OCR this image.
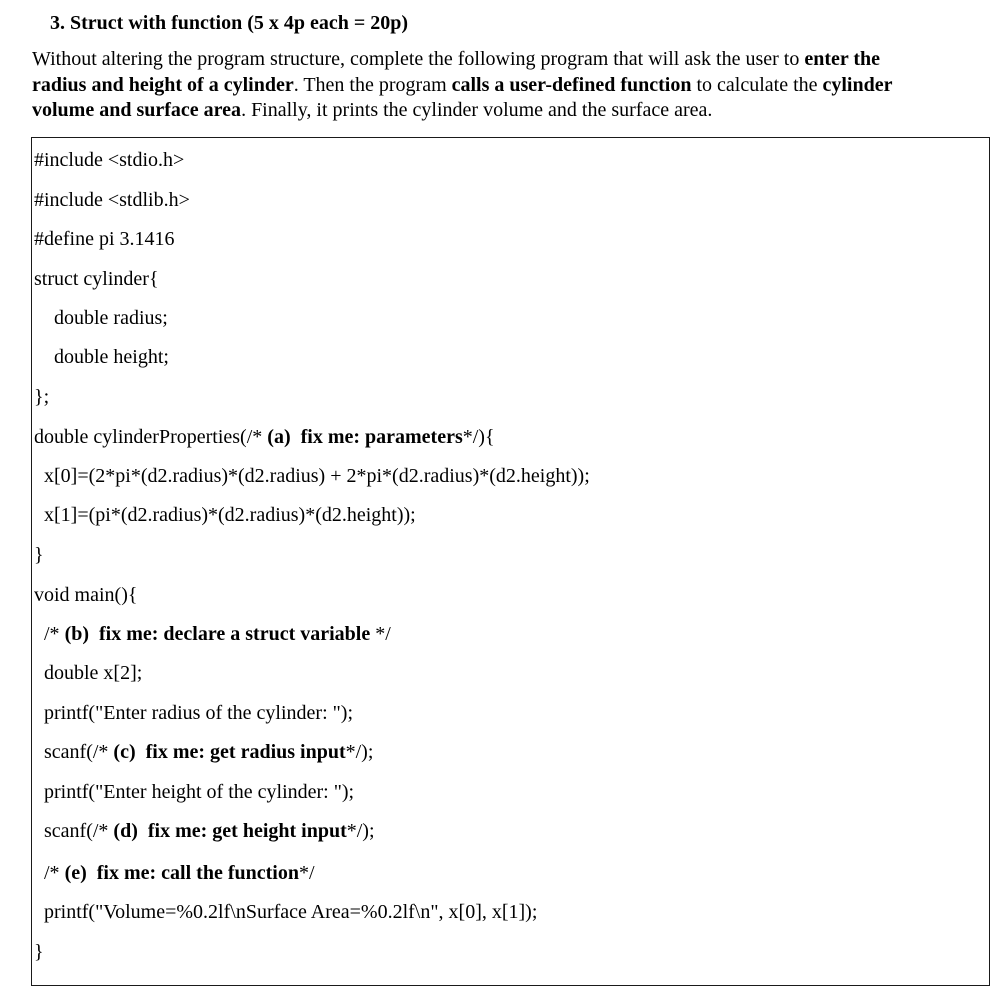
3. Struct with function (5 x 4p each = 20p)
Without altering the program structure, complete the following program that will ask the user to enter the
radius and height of a cylinder. Then the program calls a user-defined function to calculate the cylinder
volume and surface area. Finally, it prints the cylinder volume and the surface area.
#include <stdio.h>
#include <stdlib.h>
#define pi 3.1416
struct cylinder{
double radius;
double height;
};
double cylinderProperties(/* (a)  fix me: parameters*/){
x[0]=(2*pi*(d2.radius)*(d2.radius) + 2*pi*(d2.radius)*(d2.height));
x[1]=(pi*(d2.radius)*(d2.radius)*(d2.height));
}
void main(){
/* (b)  fix me: declare a struct variable */
double x[2];
printf("Enter radius of the cylinder: ");
scanf(/* (c)  fix me: get radius input*/);
printf("Enter height of the cylinder: ");
scanf(/* (d)  fix me: get height input*/);
/* (e)  fix me: call the function*/
printf("Volume=%0.2lf\nSurface Area=%0.2lf\n", x[0], x[1]);
}
